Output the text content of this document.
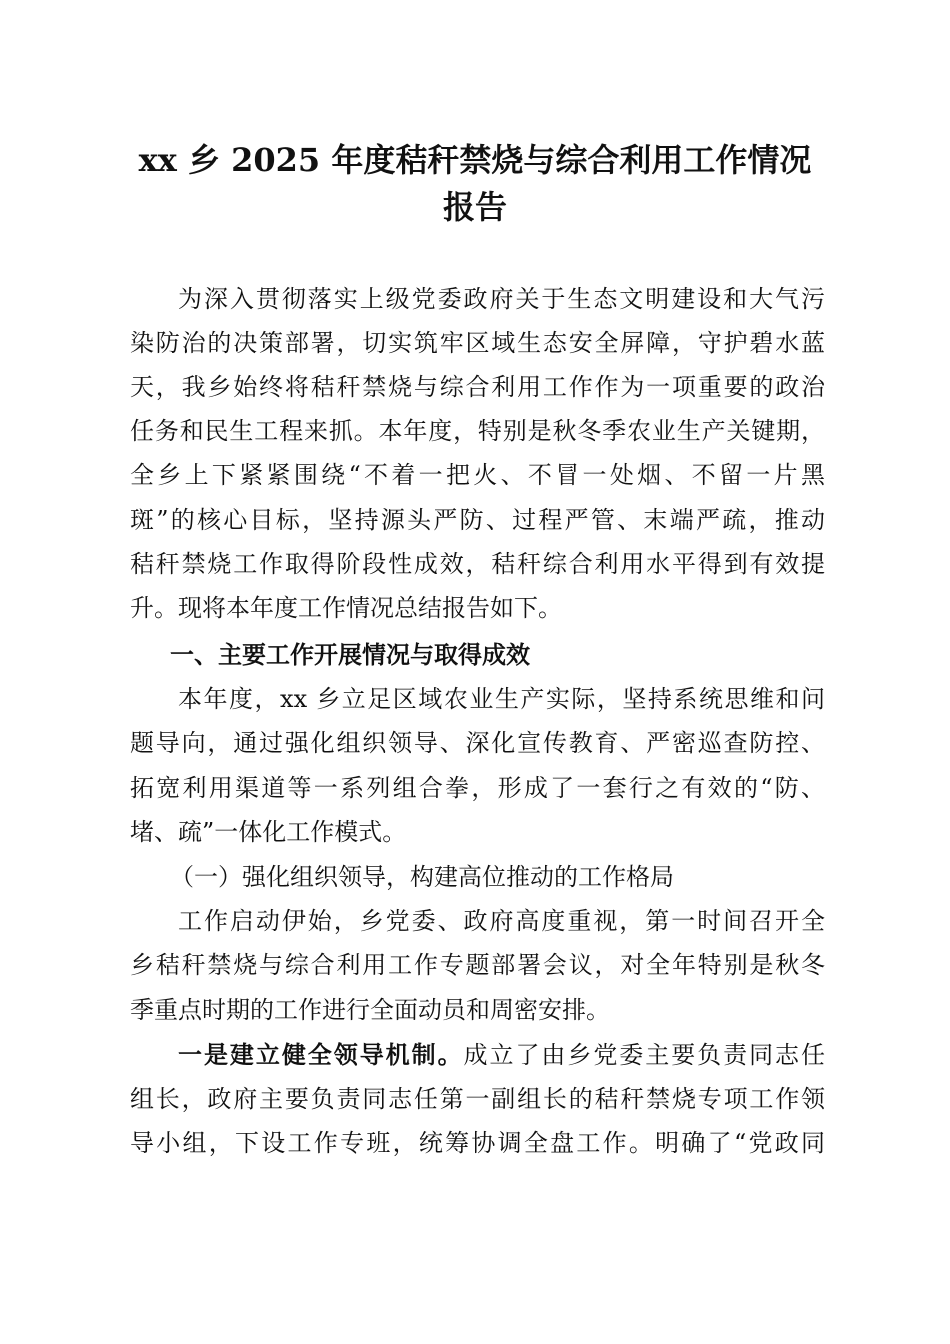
xx 乡 2025 年度秸秆禁烧与综合利用工作情况
报告
为深入贯彻落实上级党委政府关于生态文明建设和大气污
染防治的决策部署，切实筑牢区域生态安全屏障，守护碧水蓝
天，我乡始终将秸秆禁烧与综合利用工作作为一项重要的政治
任务和民生工程来抓。本年度，特别是秋冬季农业生产关键期，
全乡上下紧紧围绕“不着一把火、不冒一处烟、不留一片黑
斑”的核心目标，坚持源头严防、过程严管、末端严疏，推动
秸秆禁烧工作取得阶段性成效，秸秆综合利用水平得到有效提
升。现将本年度工作情况总结报告如下。
一、主要工作开展情况与取得成效
本年度，xx 乡立足区域农业生产实际，坚持系统思维和问
题导向，通过强化组织领导、深化宣传教育、严密巡查防控、
拓宽利用渠道等一系列组合拳，形成了一套行之有效的“防、
堵、疏”一体化工作模式。
（一）强化组织领导，构建高位推动的工作格局
工作启动伊始，乡党委、政府高度重视，第一时间召开全
乡秸秆禁烧与综合利用工作专题部署会议，对全年特别是秋冬
季重点时期的工作进行全面动员和周密安排。
一是建立健全领导机制。成立了由乡党委主要负责同志任
组长，政府主要负责同志任第一副组长的秸秆禁烧专项工作领
导小组，下设工作专班，统筹协调全盘工作。明确了“党政同
